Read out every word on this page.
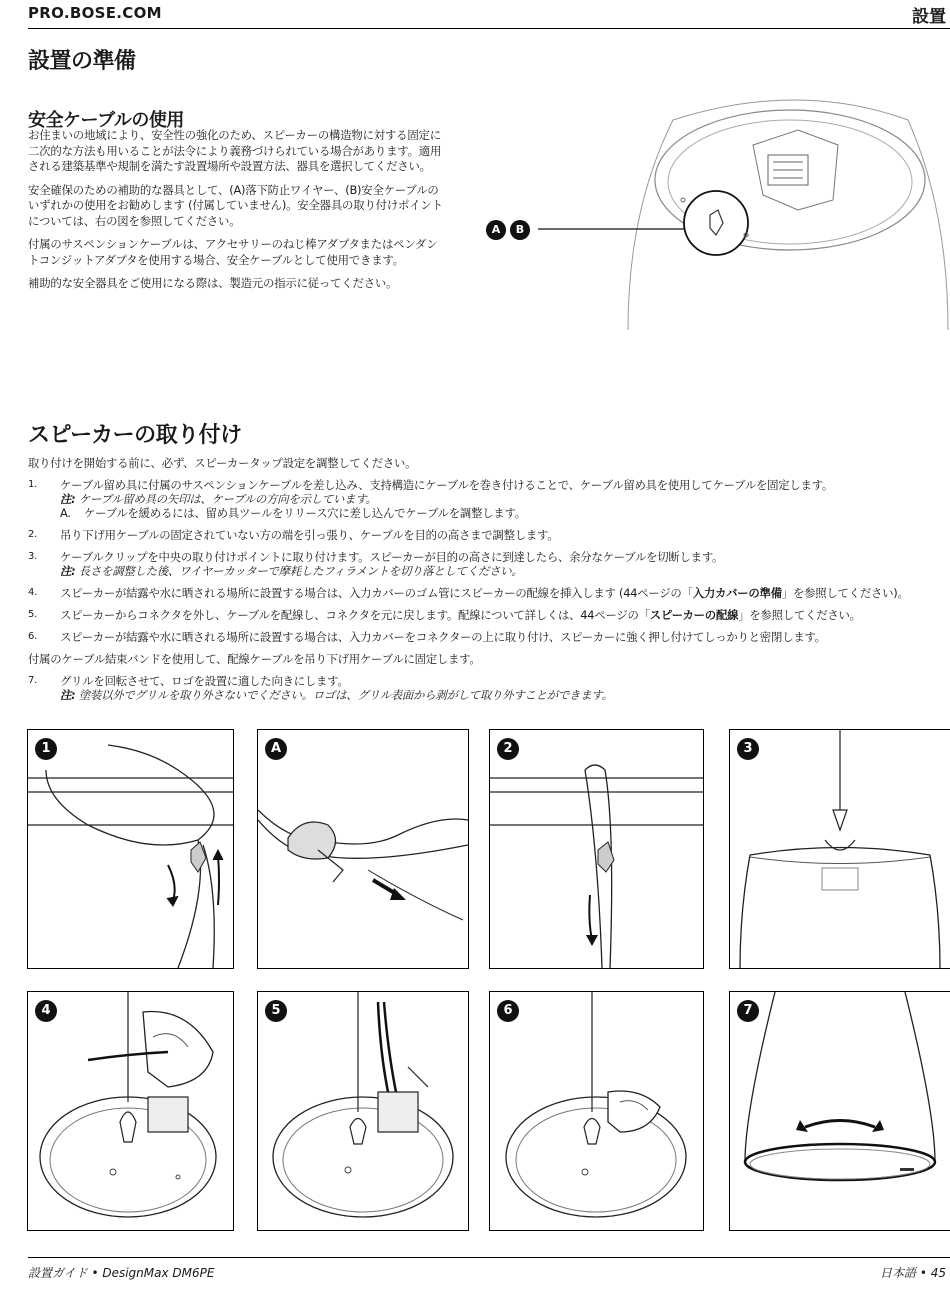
PRO.BOSE.COM	設置
設置の準備
安全ケーブルの使用

お住まいの地域により、安全性の強化のため、スピーカーの構造物に対する固定に二次的な方法も用いることが法令により義務づけられている場合があります。適用される建築基準や規制を満たす設置場所や設置方法、器具を選択してください。

安全確保のための補助的な器具として、(A)落下防止ワイヤー、(B)安全ケーブルのいずれかの使用をお勧めします (付属していません)。安全器具の取り付けポイントについては、右の図を参照してください。

付属のサスペンションケーブルは、アクセサリーのねじ棒アダプタまたはペンダントコンジットアダプタを使用する場合、安全ケーブルとして使用できます。

補助的な安全器具をご使用になる際は、製造元の指示に従ってください。

A	B
スピーカーの取り付け
取り付けを開始する前に、必ず、スピーカータップ設定を調整してください。
1. ケーブル留め具に付属のサスペンションケーブルを差し込み、支持構造にケーブルを巻き付けることで、ケーブル留め具を使用してケーブルを固定します。
注: ケーブル留め具の矢印は、ケーブルの方向を示しています。
A. ケーブルを緩めるには、留め具ツールをリリース穴に差し込んでケーブルを調整します。
2. 吊り下げ用ケーブルの固定されていない方の端を引っ張り、ケーブルを目的の高さまで調整します。
3. ケーブルクリップを中央の取り付けポイントに取り付けます。スピーカーが目的の高さに到達したら、余分なケーブルを切断します。
注: 長さを調整した後、ワイヤーカッターで摩耗したフィラメントを切り落としてください。
4. スピーカーが結露や水に晒される場所に設置する場合は、入力カバーのゴム管にスピーカーの配線を挿入します (44ページの「入力カバーの準備」を参照してください)。
5. スピーカーからコネクタを外し、ケーブルを配線し、コネクタを元に戻します。配線について詳しくは、44ページの「スピーカーの配線」を参照してください。
6. スピーカーが結露や水に晒される場所に設置する場合は、入力カバーをコネクターの上に取り付け、スピーカーに強く押し付けてしっかりと密閉します。
付属のケーブル結束バンドを使用して、配線ケーブルを吊り下げ用ケーブルに固定します。
7. グリルを回転させて、ロゴを設置に適した向きにします。
注: 塗装以外でグリルを取り外さないでください。ロゴは、グリル表面から剥がして取り外すことができます。
1	A	2	3
4	5	6	7
設置ガイド • DesignMax DM6PE	日本語 • 45
